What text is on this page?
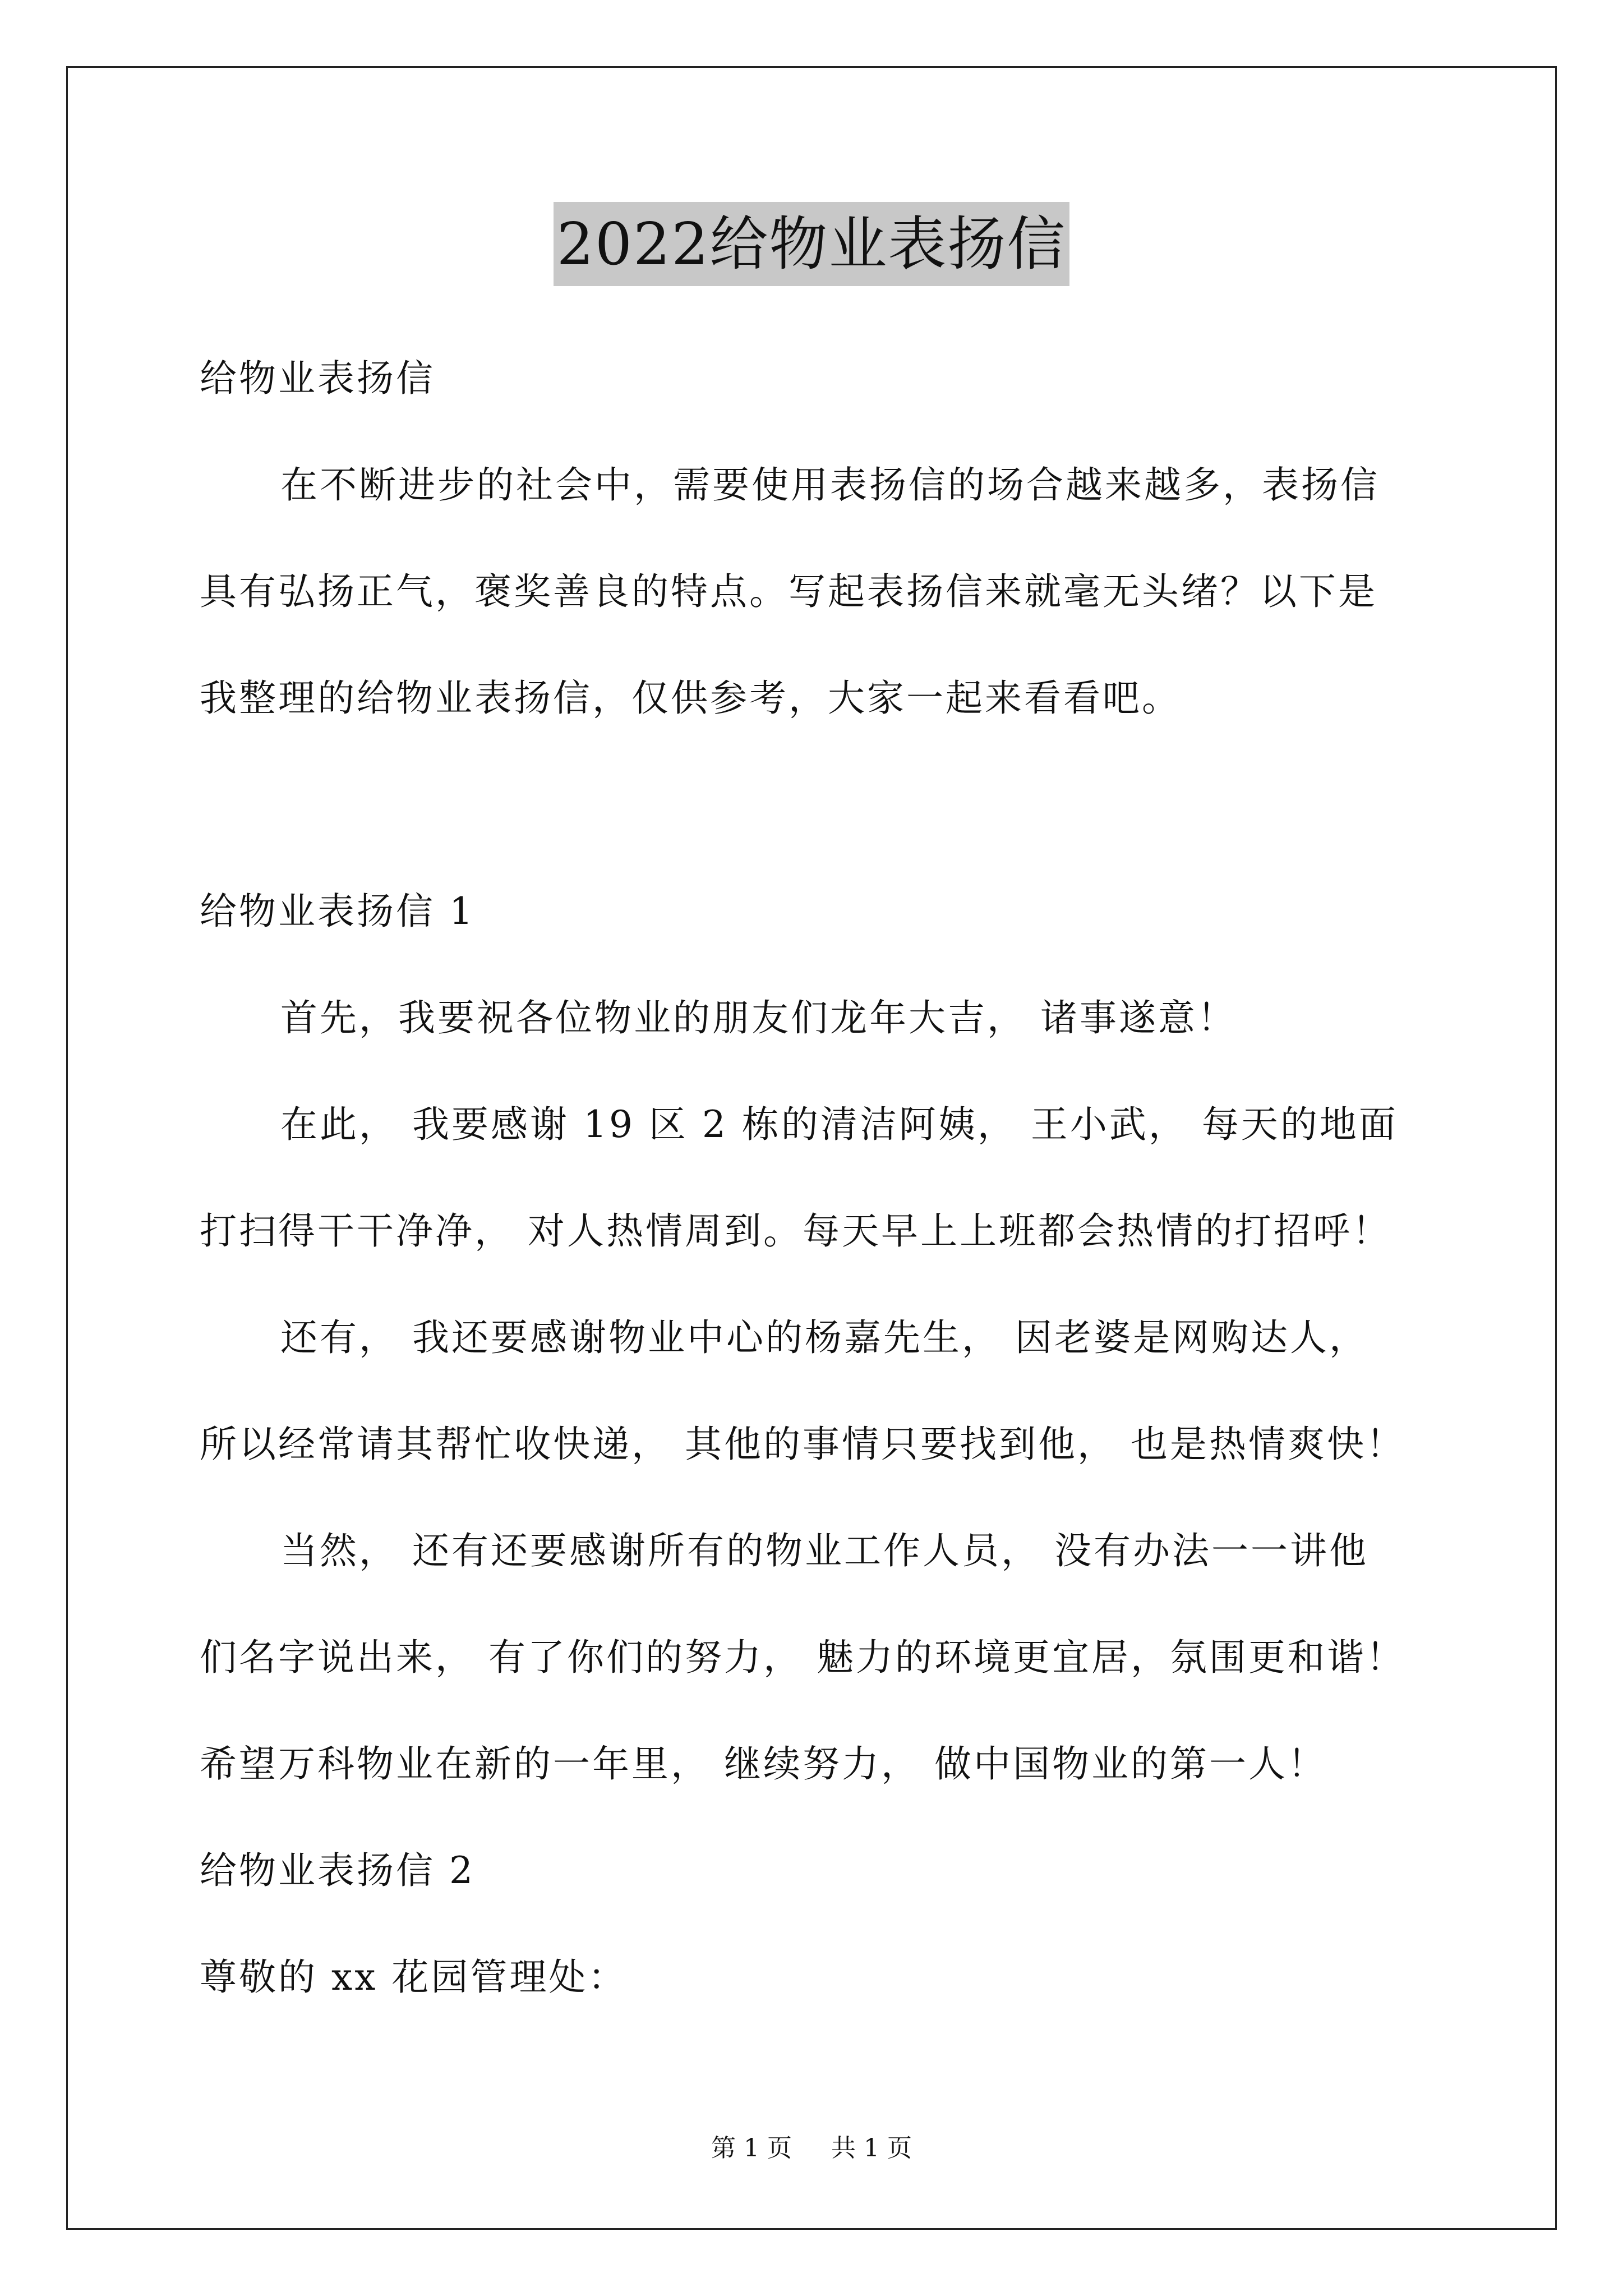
2022给物业表扬信
给物业表扬信
在不断进步的社会中，需要使用表扬信的场合越来越多，表扬信
具有弘扬正气，褒奖善良的特点。写起表扬信来就毫无头绪？以下是
我整理的给物业表扬信，仅供参考，大家一起来看看吧。
给物业表扬信 1
首先，我要祝各位物业的朋友们龙年大吉， 诸事遂意！
在此， 我要感谢 19 区 2 栋的清洁阿姨， 王小武， 每天的地面
打扫得干干净净， 对人热情周到。每天早上上班都会热情的打招呼！
还有， 我还要感谢物业中心的杨嘉先生， 因老婆是网购达人，
所以经常请其帮忙收快递， 其他的事情只要找到他， 也是热情爽快！
当然， 还有还要感谢所有的物业工作人员， 没有办法一一讲他
们名字说出来， 有了你们的努力， 魅力的环境更宜居，氛围更和谐！
希望万科物业在新的一年里， 继续努力， 做中国物业的第一人！
给物业表扬信 2
尊敬的 xx 花园管理处：
第 1 页 共 1 页
